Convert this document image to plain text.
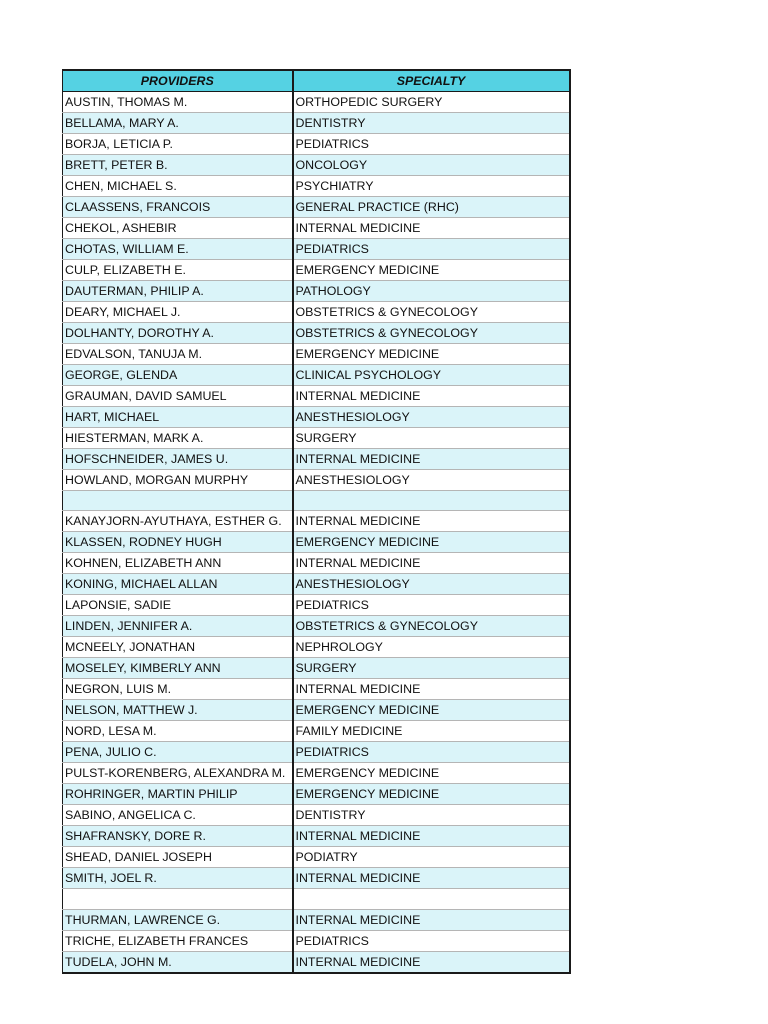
PROVIDERS	SPECIALTY
AUSTIN, THOMAS M.	ORTHOPEDIC SURGERY
BELLAMA, MARY A.	DENTISTRY
BORJA, LETICIA P.	PEDIATRICS
BRETT, PETER B.	ONCOLOGY
CHEN, MICHAEL S.	PSYCHIATRY
CLAASSENS, FRANCOIS	GENERAL PRACTICE (RHC)
CHEKOL, ASHEBIR	INTERNAL MEDICINE
CHOTAS, WILLIAM E.	PEDIATRICS
CULP, ELIZABETH E.	EMERGENCY MEDICINE
DAUTERMAN, PHILIP A.	PATHOLOGY
DEARY, MICHAEL J.	OBSTETRICS & GYNECOLOGY
DOLHANTY, DOROTHY A.	OBSTETRICS & GYNECOLOGY
EDVALSON, TANUJA M.	EMERGENCY MEDICINE
GEORGE, GLENDA	CLINICAL PSYCHOLOGY
GRAUMAN, DAVID SAMUEL	INTERNAL MEDICINE
HART, MICHAEL	ANESTHESIOLOGY
HIESTERMAN, MARK A.	SURGERY
HOFSCHNEIDER, JAMES U.	INTERNAL MEDICINE
HOWLAND, MORGAN MURPHY	ANESTHESIOLOGY

KANAYJORN-AYUTHAYA, ESTHER G.	INTERNAL MEDICINE
KLASSEN, RODNEY HUGH	EMERGENCY MEDICINE
KOHNEN, ELIZABETH ANN	INTERNAL MEDICINE
KONING, MICHAEL ALLAN	ANESTHESIOLOGY
LAPONSIE, SADIE	PEDIATRICS
LINDEN, JENNIFER A.	OBSTETRICS & GYNECOLOGY
MCNEELY, JONATHAN	NEPHROLOGY
MOSELEY, KIMBERLY ANN	SURGERY
NEGRON, LUIS M.	INTERNAL MEDICINE
NELSON, MATTHEW J.	EMERGENCY MEDICINE
NORD, LESA M.	FAMILY MEDICINE
PENA, JULIO C.	PEDIATRICS
PULST-KORENBERG, ALEXANDRA M.	EMERGENCY MEDICINE
ROHRINGER, MARTIN PHILIP	EMERGENCY MEDICINE
SABINO, ANGELICA C.	DENTISTRY
SHAFRANSKY, DORE R.	INTERNAL MEDICINE
SHEAD, DANIEL JOSEPH	PODIATRY
SMITH, JOEL R.	INTERNAL MEDICINE

THURMAN, LAWRENCE G.	INTERNAL MEDICINE
TRICHE, ELIZABETH FRANCES	PEDIATRICS
TUDELA, JOHN M.	INTERNAL MEDICINE
